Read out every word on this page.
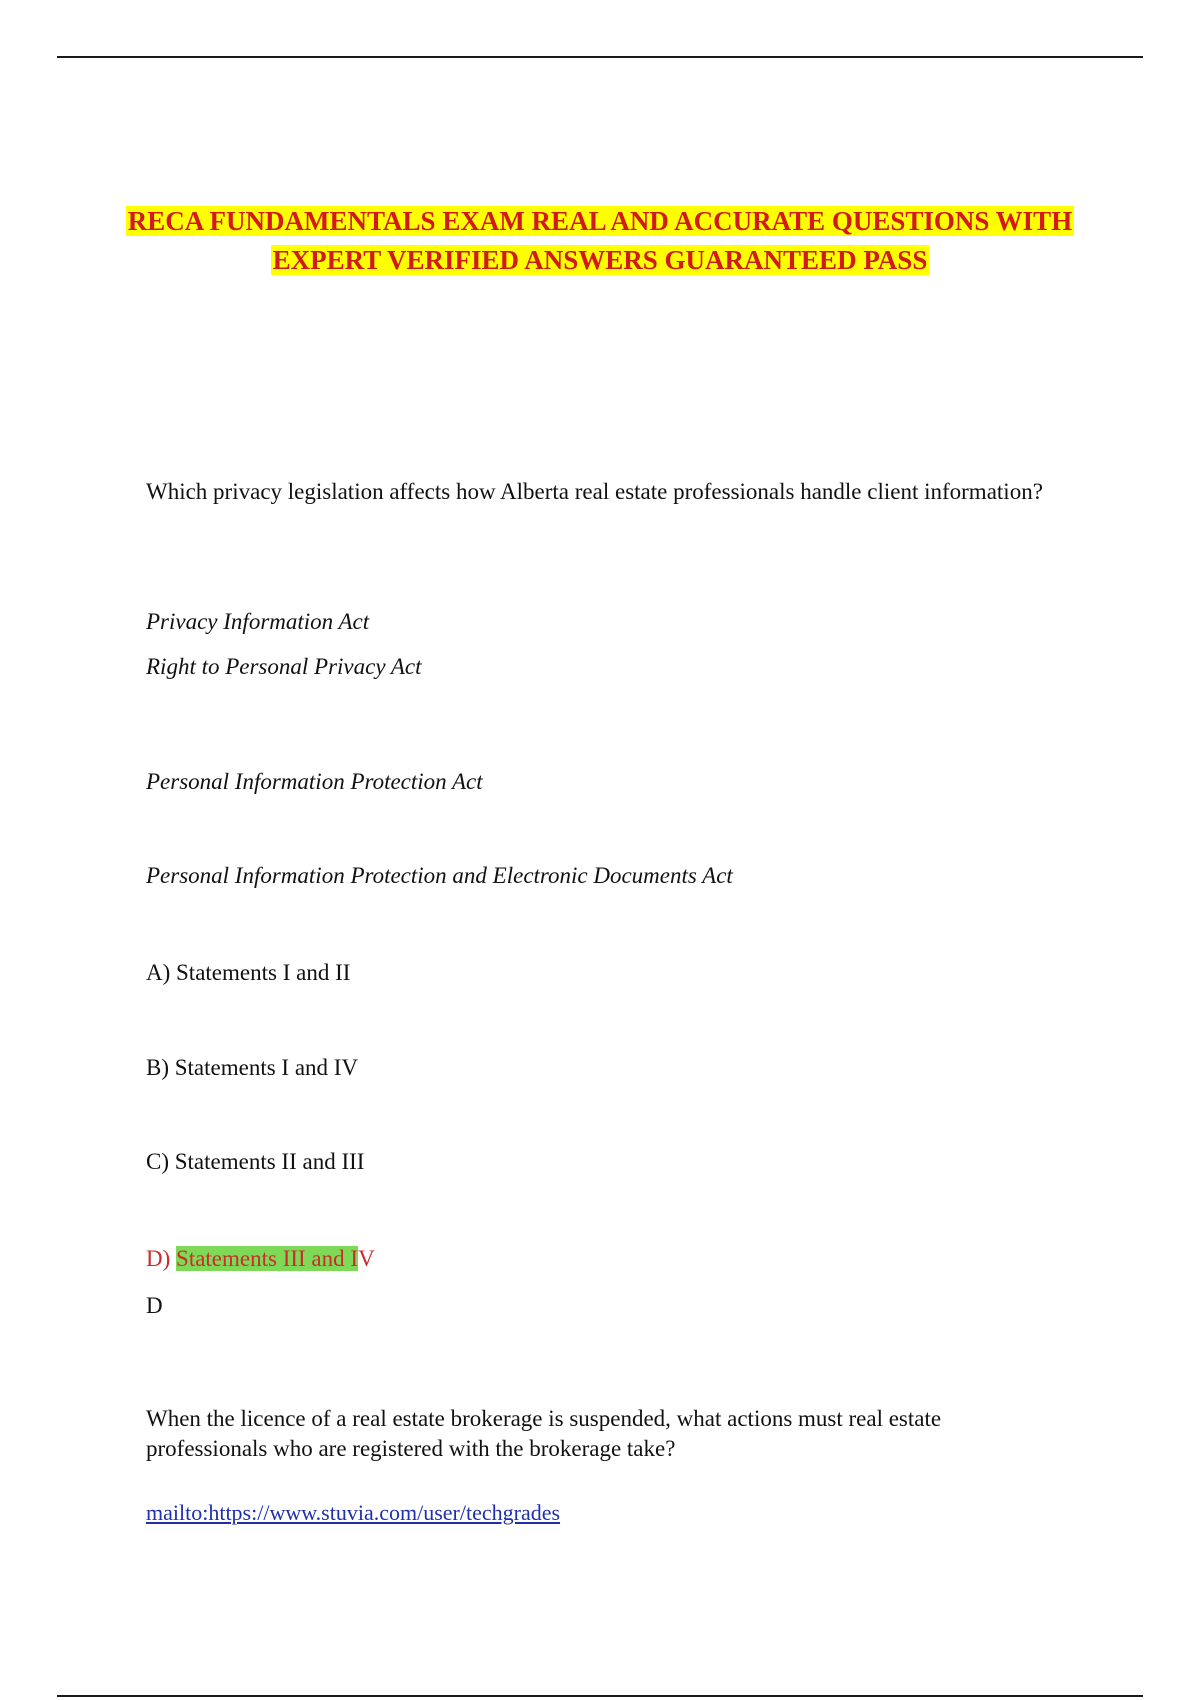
RECA FUNDAMENTALS EXAM REAL AND ACCURATE QUESTIONS WITH
EXPERT VERIFIED ANSWERS GUARANTEED PASS

Which privacy legislation affects how Alberta real estate professionals handle client information?

Privacy Information Act

Right to Personal Privacy Act

Personal Information Protection Act

Personal Information Protection and Electronic Documents Act

A) Statements I and II

B) Statements I and IV

C) Statements II and III

D) Statements III and IV

D

When the licence of a real estate brokerage is suspended, what actions must real estate professionals who are registered with the brokerage take?

mailto:https://www.stuvia.com/user/techgrades
